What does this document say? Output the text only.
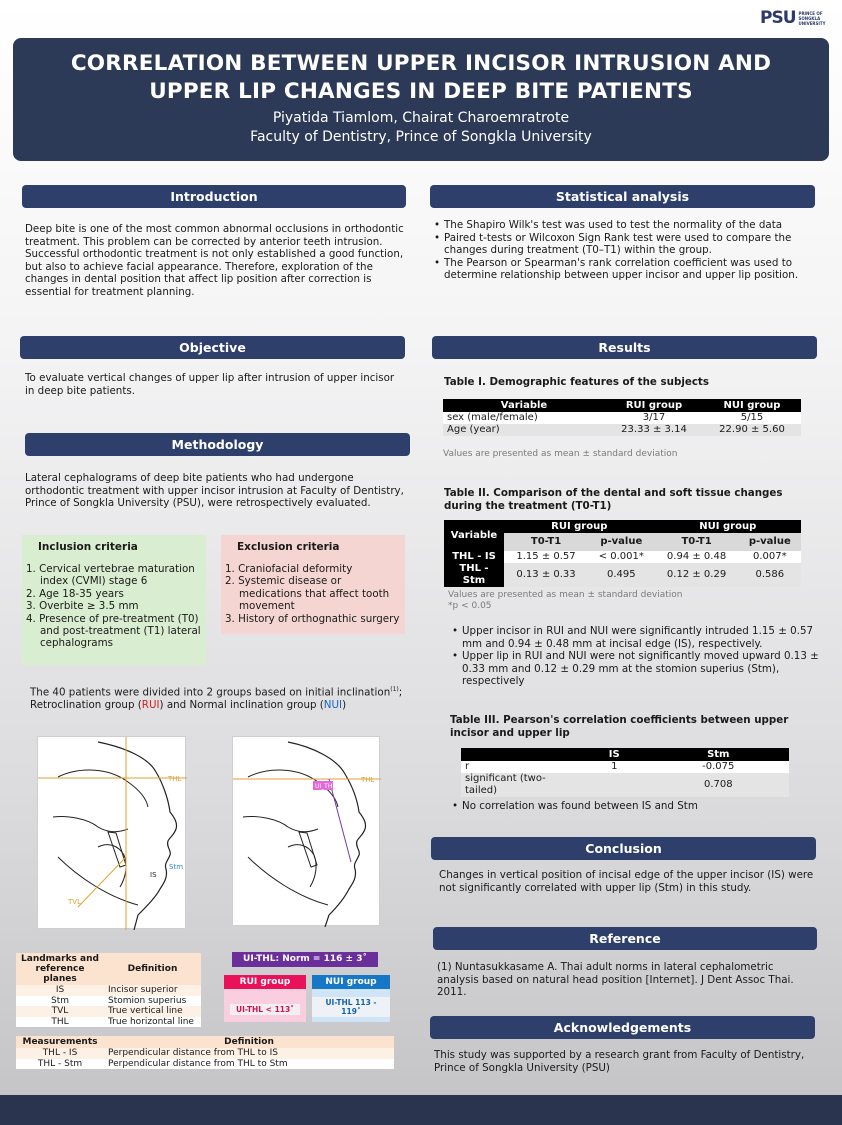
PSU PRINCE OF
SONGKLA
UNIVERSITY
CORRELATION BETWEEN UPPER INCISOR INTRUSION AND
UPPER LIP CHANGES IN DEEP BITE PATIENTS
Piyatida Tiamlom, Chairat Charoemratrote
Faculty of Dentistry, Prince of Songkla University
Introduction
Deep bite is one of the most common abnormal occlusions in orthodontic treatment. This problem can be corrected by anterior teeth intrusion. Successful orthodontic treatment is not only established a good function, but also to achieve facial appearance. Therefore, exploration of the changes in dental position that affect lip position after correction is essential for treatment planning.
Objective
To evaluate vertical changes of upper lip after intrusion of upper incisor in deep bite patients.
Methodology
Lateral cephalograms of deep bite patients who had undergone orthodontic treatment with upper incisor intrusion at Faculty of Dentistry, Prince of Songkla University (PSU), were retrospectively evaluated.
Inclusion criteria
1. Cervical vertebrae maturation index (CVMI) stage 6
2. Age 18-35 years
3. Overbite ≥ 3.5 mm
4. Presence of pre-treatment (T0) and post-treatment (T1) lateral cephalograms
Exclusion criteria
1. Craniofacial deformity
2. Systemic disease or medications that affect tooth movement
3. History of orthognathic surgery
The 40 patients were divided into 2 groups based on initial inclination$^{(1)}$;
Retroclination group (RUI) and Normal inclination group (NUI)
THL
TVL
IS
Stm
UI_THL
THL
Landmarks and reference planes	Definition
IS	Incisor superior
Stm	Stomion superius
TVL	True vertical line
THL	True horizontal line
UI-THL: Norm = 116 ± 3˚
RUI group	NUI group
UI-THL < 113˚
UI-THL 113 - 119˚
Measurements	Definition
THL - IS	Perpendicular distance from THL to IS
THL - Stm	Perpendicular distance from THL to Stm
Statistical analysis
• The Shapiro Wilk's test was used to test the normality of the data
• Paired t-tests or Wilcoxon Sign Rank test were used to compare the changes during treatment (T0–T1) within the group.
• The Pearson or Spearman's rank correlation coefficient was used to determine relationship between upper incisor and upper lip position.
Results
Table I. Demographic features of the subjects
Variable	RUI group	NUI group
sex (male/female)	3/17	5/15
Age (year)	23.33 ± 3.14	22.90 ± 5.60
Values are presented as mean ± standard deviation
Table II. Comparison of the dental and soft tissue changes during the treatment (T0-T1)
Variable	RUI group		NUI group	
	T0-T1	p-value	T0-T1	p-value
THL - IS	1.15 ± 0.57	< 0.001*	0.94 ± 0.48	0.007*
THL - Stm	0.13 ± 0.33	0.495	0.12 ± 0.29	0.586
Values are presented as mean ± standard deviation
*p < 0.05
• Upper incisor in RUI and NUI were significantly intruded 1.15 ± 0.57 mm and 0.94 ± 0.48 mm at incisal edge (IS), respectively.
• Upper lip in RUI and NUI were not significantly moved upward 0.13 ± 0.33 mm and 0.12 ± 0.29 mm at the stomion superius (Stm), respectively
Table III. Pearson's correlation coefficients between upper incisor and upper lip
	IS	Stm
r	1	-0.075
significant (two-tailed)		0.708
• No correlation was found between IS and Stm
Conclusion
Changes in vertical position of incisal edge of the upper incisor (IS) were not significantly correlated with upper lip (Stm) in this study.
Reference
(1) Nuntasukkasame A. Thai adult norms in lateral cephalometric analysis based on natural head position [Internet]. J Dent Assoc Thai. 2011.
Acknowledgements
This study was supported by a research grant from Faculty of Dentistry, Prince of Songkla University (PSU)
